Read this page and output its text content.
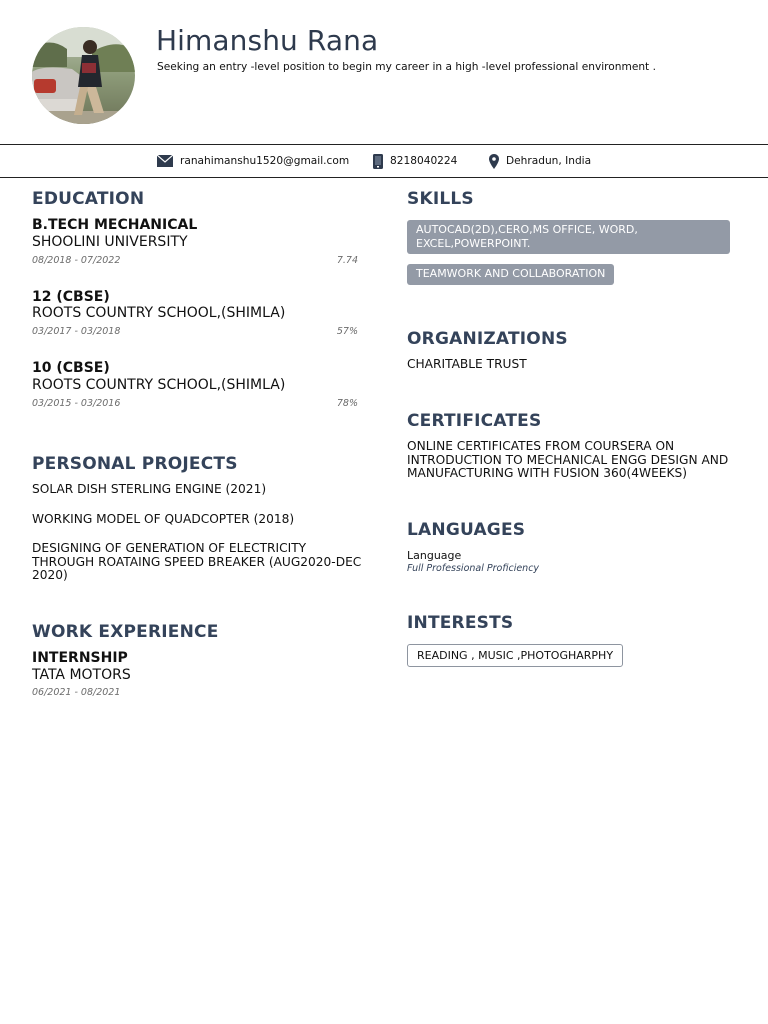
Himanshu Rana
Seeking an entry -level position to begin my career in a high -level professional environment .
ranahimanshu1520@gmail.com	8218040224	Dehradun, India
EDUCATION
B.TECH MECHANICAL
SHOOLINI UNIVERSITY
08/2018 - 07/2022	7.74
12 (CBSE)
ROOTS COUNTRY SCHOOL,(SHIMLA)
03/2017 - 03/2018	57%
10 (CBSE)
ROOTS COUNTRY SCHOOL,(SHIMLA)
03/2015 - 03/2016	78%
PERSONAL PROJECTS
SOLAR DISH STERLING ENGINE (2021)
WORKING MODEL OF QUADCOPTER (2018)
DESIGNING OF GENERATION OF ELECTRICITY THROUGH ROATAING SPEED BREAKER (AUG2020-DEC 2020)
WORK EXPERIENCE
INTERNSHIP
TATA MOTORS
06/2021 - 08/2021
SKILLS
AUTOCAD(2D),CERO,MS OFFICE, WORD, EXCEL,POWERPOINT.
TEAMWORK AND COLLABORATION
ORGANIZATIONS
CHARITABLE TRUST
CERTIFICATES
ONLINE CERTIFICATES FROM COURSERA ON INTRODUCTION TO MECHANICAL ENGG DESIGN AND MANUFACTURING WITH FUSION 360(4WEEKS)
LANGUAGES
Language
Full Professional Proficiency
INTERESTS
READING , MUSIC ,PHOTOGHARPHY
